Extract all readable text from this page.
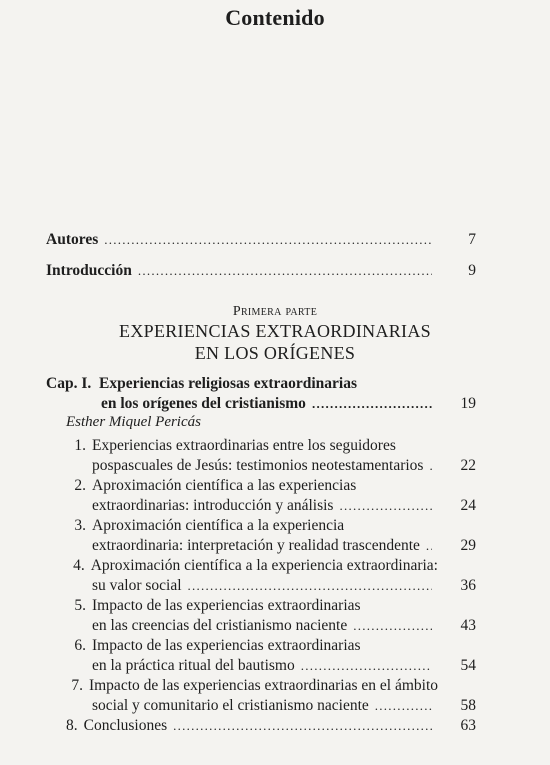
Contenido
Autores . . .	7
Introducción . . .	9
Primera parte
EXPERIENCIAS EXTRAORDINARIAS
EN LOS ORÍGENES
Cap. I.
Experiencias religiosas extraordinarias
en los orígenes del cristianismo . . .	19
Esther Miquel Pericás
1. Experiencias extraordinarias entre los seguidores
pospascuales de Jesús: testimonios neotestamentarios . . .	22
2. Aproximación científica a las experiencias
extraordinarias: introducción y análisis . . .	24
3. Aproximación científica a la experiencia
extraordinaria: interpretación y realidad trascendente . . .	29
4. Aproximación científica a la experiencia extraordinaria:
su valor social . . .	36
5. Impacto de las experiencias extraordinarias
en las creencias del cristianismo naciente . . .	43
6. Impacto de las experiencias extraordinarias
en la práctica ritual del bautismo . . .	54
7. Impacto de las experiencias extraordinarias en el ámbito
social y comunitario el cristianismo naciente . . .	58
8. Conclusiones . . .	63
